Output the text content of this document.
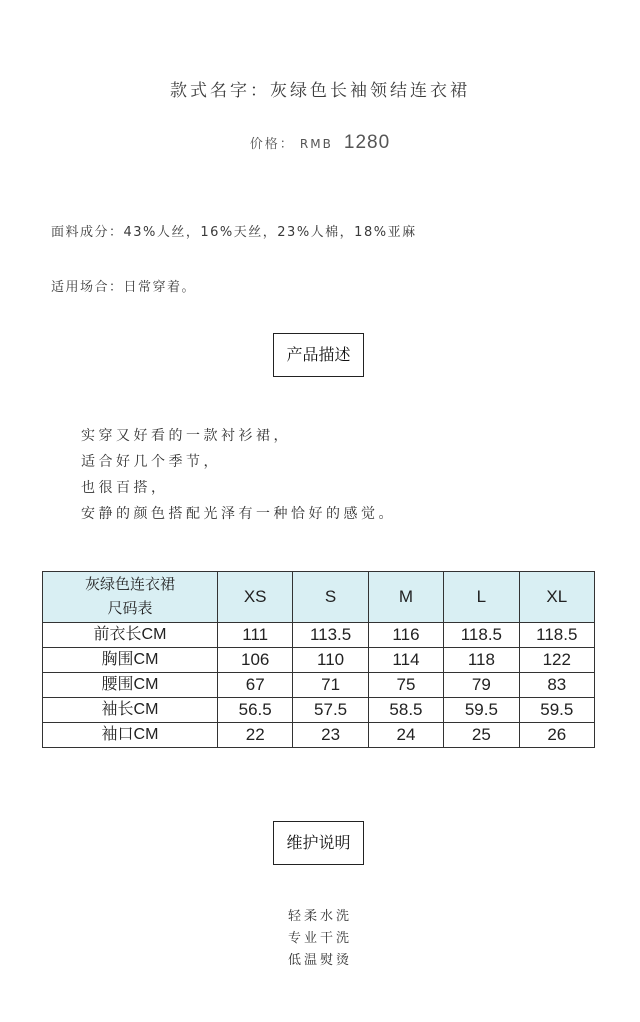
款式名字：灰绿色长袖领结连衣裙
价格： RMB 1280
面料成分：43%人丝，16%天丝，23%人棉，18%亚麻
适用场合：日常穿着。
产品描述
实穿又好看的一款衬衫裙，
适合好几个季节，
也很百搭，
安静的颜色搭配光泽有一种恰好的感觉。
灰绿色连衣裙
尺码表	XS	S	M	L	XL
前衣长CM	111	113.5	116	118.5	118.5
胸围CM	106	110	114	118	122
腰围CM	67	71	75	79	83
袖长CM	56.5	57.5	58.5	59.5	59.5
袖口CM	22	23	24	25	26
维护说明
轻柔水洗
专业干洗
低温熨烫
